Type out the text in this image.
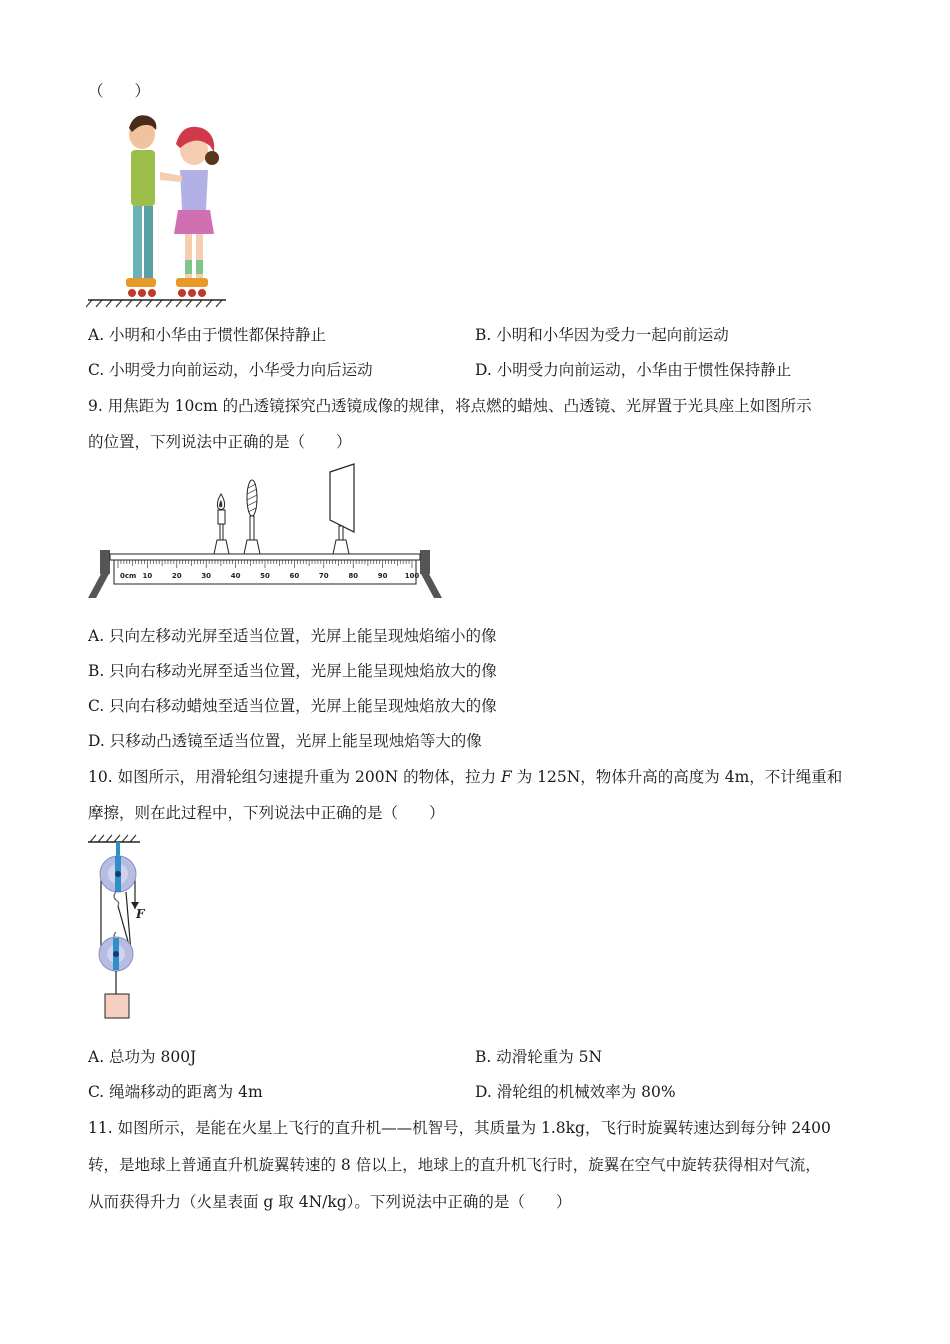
（　　）
A. 小明和小华由于惯性都保持静止	B. 小明和小华因为受力一起向前运动
C. 小明受力向前运动，小华受力向后运动	D. 小明受力向前运动，小华由于惯性保持静止
9. 用焦距为 10cm 的凸透镜探究凸透镜成像的规律，将点燃的蜡烛、凸透镜、光屏置于光具座上如图所示
的位置，下列说法中正确的是（　　）
0cm 10	20	30	40	50	60	70	80	90 100
A. 只向左移动光屏至适当位置，光屏上能呈现烛焰缩小的像
B. 只向右移动光屏至适当位置，光屏上能呈现烛焰放大的像
C. 只向右移动蜡烛至适当位置，光屏上能呈现烛焰放大的像
D. 只移动凸透镜至适当位置，光屏上能呈现烛焰等大的像
10. 如图所示，用滑轮组匀速提升重为 200N 的物体，拉力 F 为 125N，物体升高的高度为 4m，不计绳重和
摩擦，则在此过程中，下列说法中正确的是（　　）
F
A. 总功为 800J	B. 动滑轮重为 5N
C. 绳端移动的距离为 4m	D. 滑轮组的机械效率为 80%
11. 如图所示，是能在火星上飞行的直升机——机智号，其质量为 1.8kg，飞行时旋翼转速达到每分钟 2400
转，是地球上普通直升机旋翼转速的 8 倍以上，地球上的直升机飞行时，旋翼在空气中旋转获得相对气流，
从而获得升力（火星表面 g 取 4N/kg）。下列说法中正确的是（　　）
